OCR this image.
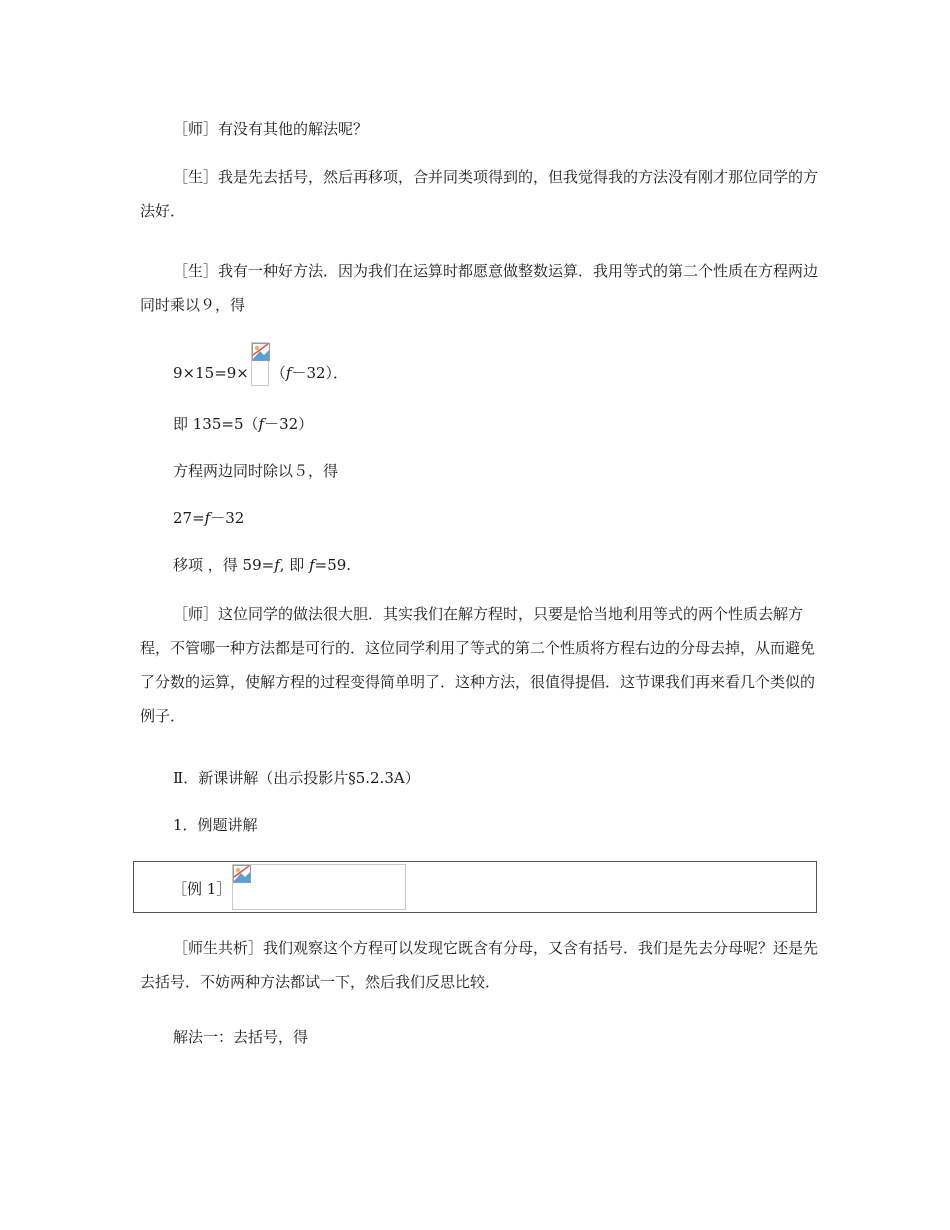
［师］有没有其他的解法呢？

［生］我是先去括号，然后再移项，合并同类项得到的，但我觉得我的方法没有刚才那位同学的方法好．

［生］我有一种好方法．因为我们在运算时都愿意做整数运算．我用等式的第二个性质在方程两边同时乘以９，得

9×15=9× （f－32）．
即 135=5（f－32）
方程两边同时除以５，得
27=f－32
移项 ，得 59=f, 即 f=59.

［师］这位同学的做法很大胆．其实我们在解方程时，只要是恰当地利用等式的两个性质去解方程，不管哪一种方法都是可行的．这位同学利用了等式的第二个性质将方程右边的分母去掉，从而避免了分数的运算，使解方程的过程变得简单明了．这种方法，很值得提倡．这节课我们再来看几个类似的例子．

Ⅱ．新课讲解（出示投影片§5.2.3A）
1．例题讲解
［例 1］

［师生共析］我们观察这个方程可以发现它既含有分母，又含有括号．我们是先去分母呢？还是先去括号．不妨两种方法都试一下，然后我们反思比较．

解法一：去括号，得
